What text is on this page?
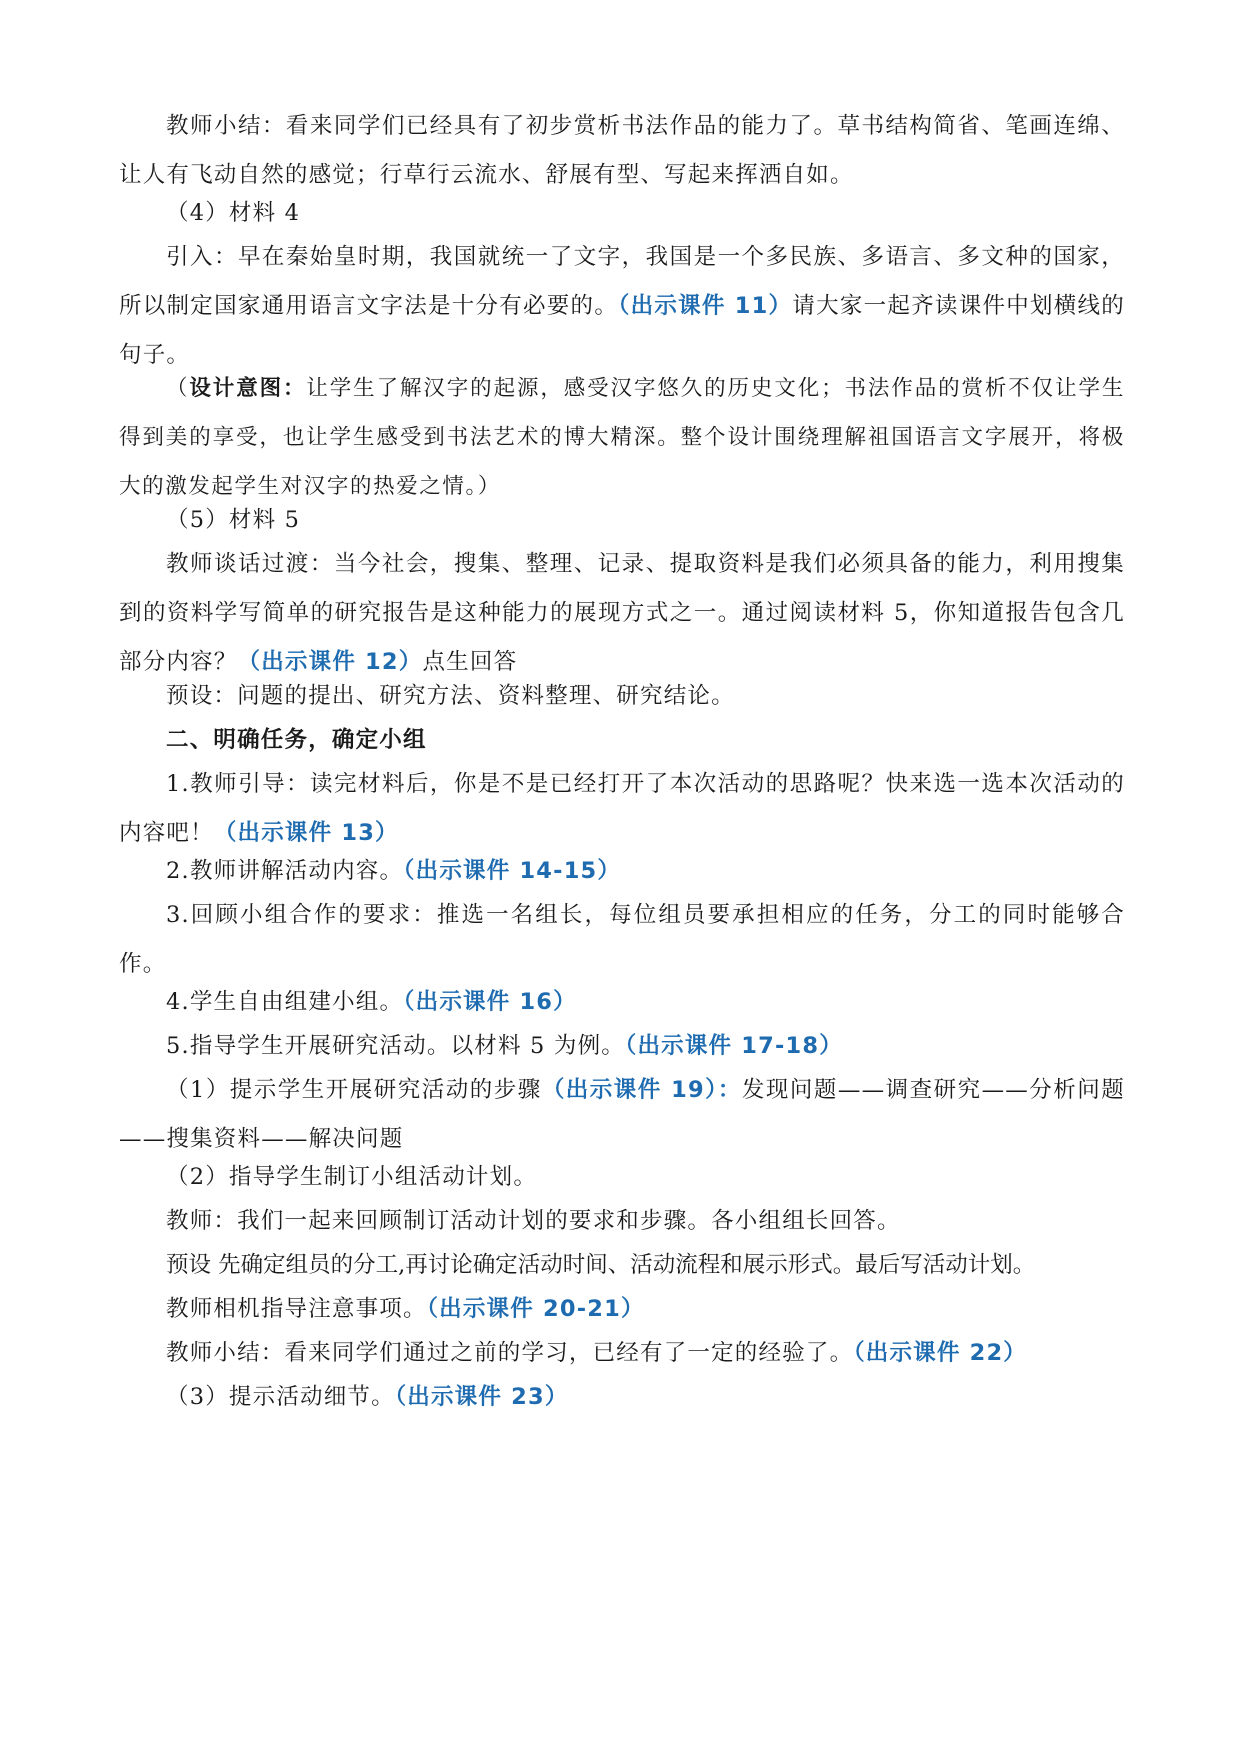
教师小结：看来同学们已经具有了初步赏析书法作品的能力了。草书结构简省、笔画连绵、让人有飞动自然的感觉；行草行云流水、舒展有型、写起来挥洒自如。

（4）材料 4

引入：早在秦始皇时期，我国就统一了文字，我国是一个多民族、多语言、多文种的国家，所以制定国家通用语言文字法是十分有必要的。（出示课件 11）请大家一起齐读课件中划横线的句子。

（设计意图：让学生了解汉字的起源，感受汉字悠久的历史文化；书法作品的赏析不仅让学生得到美的享受，也让学生感受到书法艺术的博大精深。整个设计围绕理解祖国语言文字展开，将极大的激发起学生对汉字的热爱之情。）

（5）材料 5

教师谈话过渡：当今社会，搜集、整理、记录、提取资料是我们必须具备的能力，利用搜集到的资料学写简单的研究报告是这种能力的展现方式之一。通过阅读材料 5，你知道报告包含几部分内容？（出示课件 12）点生回答

预设：问题的提出、研究方法、资料整理、研究结论。

二、明确任务，确定小组

1.教师引导：读完材料后，你是不是已经打开了本次活动的思路呢？快来选一选本次活动的内容吧！（出示课件 13）

2.教师讲解活动内容。（出示课件 14-15）

3.回顾小组合作的要求：推选一名组长，每位组员要承担相应的任务，分工的同时能够合作。

4.学生自由组建小组。（出示课件 16）

5.指导学生开展研究活动。以材料 5 为例。（出示课件 17-18）

（1）提示学生开展研究活动的步骤（出示课件 19）：发现问题——调查研究——分析问题——搜集资料——解决问题

（2）指导学生制订小组活动计划。

教师：我们一起来回顾制订活动计划的要求和步骤。各小组组长回答。

预设 先确定组员的分工,再讨论确定活动时间、活动流程和展示形式。最后写活动计划。

教师相机指导注意事项。（出示课件 20-21）

教师小结：看来同学们通过之前的学习，已经有了一定的经验了。（出示课件 22）

（3）提示活动细节。（出示课件 23）
